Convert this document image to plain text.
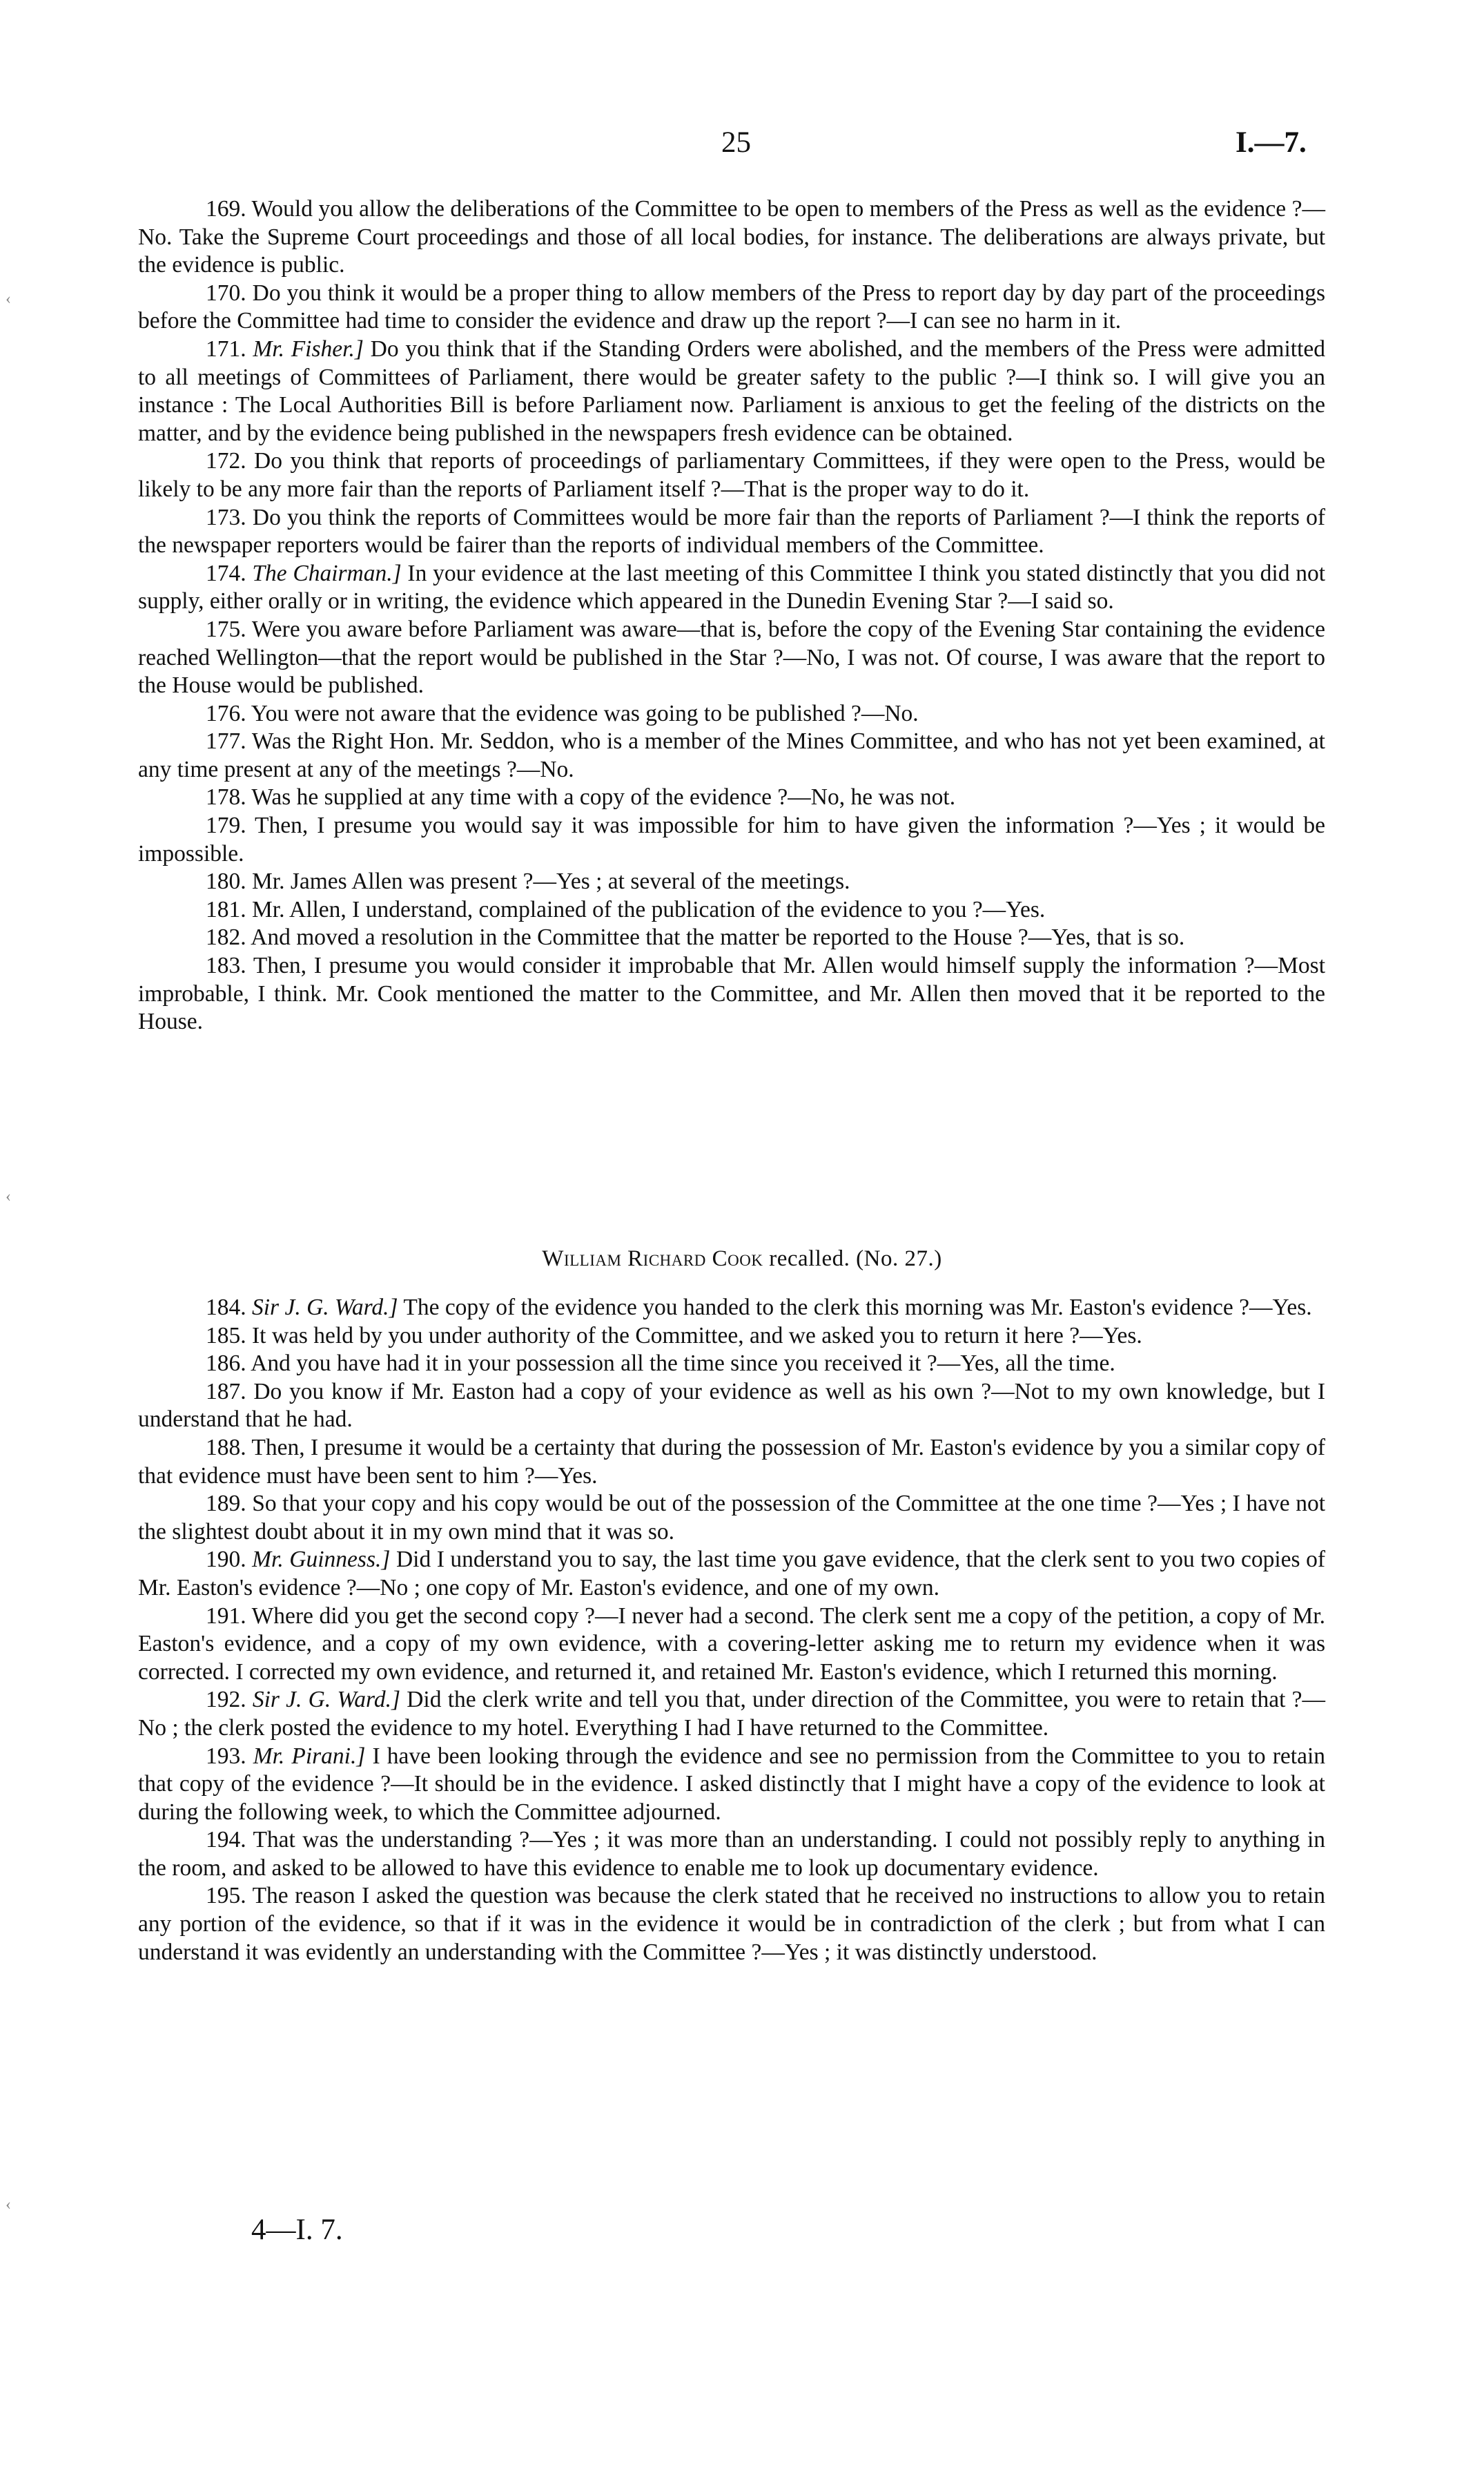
25	I.—7.

169. Would you allow the deliberations of the Committee to be open to members of the Press as well as the evidence ?—No. Take the Supreme Court proceedings and those of all local bodies, for instance. The deliberations are always private, but the evidence is public.

170. Do you think it would be a proper thing to allow members of the Press to report day by day part of the proceedings before the Committee had time to consider the evidence and draw up the report ?—I can see no harm in it.

171. Mr. Fisher.] Do you think that if the Standing Orders were abolished, and the members of the Press were admitted to all meetings of Committees of Parliament, there would be greater safety to the public ?—I think so. I will give you an instance : The Local Authorities Bill is before Parliament now. Parliament is anxious to get the feeling of the districts on the matter, and by the evidence being published in the newspapers fresh evidence can be obtained.

172. Do you think that reports of proceedings of parliamentary Committees, if they were open to the Press, would be likely to be any more fair than the reports of Parliament itself ?—That is the proper way to do it.

173. Do you think the reports of Committees would be more fair than the reports of Parliament ?—I think the reports of the newspaper reporters would be fairer than the reports of individual members of the Committee.

174. The Chairman.] In your evidence at the last meeting of this Committee I think you stated distinctly that you did not supply, either orally or in writing, the evidence which appeared in the Dunedin Evening Star ?—I said so.

175. Were you aware before Parliament was aware—that is, before the copy of the Evening Star containing the evidence reached Wellington—that the report would be published in the Star ?—No, I was not. Of course, I was aware that the report to the House would be published.

176. You were not aware that the evidence was going to be published ?—No.

177. Was the Right Hon. Mr. Seddon, who is a member of the Mines Committee, and who has not yet been examined, at any time present at any of the meetings ?—No.

178. Was he supplied at any time with a copy of the evidence ?—No, he was not.

179. Then, I presume you would say it was impossible for him to have given the information ?—Yes ; it would be impossible.

180. Mr. James Allen was present ?—Yes ; at several of the meetings.

181. Mr. Allen, I understand, complained of the publication of the evidence to you ?—Yes.

182. And moved a resolution in the Committee that the matter be reported to the House ?—Yes, that is so.

183. Then, I presume you would consider it improbable that Mr. Allen would himself supply the information ?—Most improbable, I think. Mr. Cook mentioned the matter to the Committee, and Mr. Allen then moved that it be reported to the House.

William Richard Cook recalled. (No. 27.)

184. Sir J. G. Ward.] The copy of the evidence you handed to the clerk this morning was Mr. Easton's evidence ?—Yes.

185. It was held by you under authority of the Committee, and we asked you to return it here ?—Yes.

186. And you have had it in your possession all the time since you received it ?—Yes, all the time.

187. Do you know if Mr. Easton had a copy of your evidence as well as his own ?—Not to my own knowledge, but I understand that he had.

188. Then, I presume it would be a certainty that during the possession of Mr. Easton's evidence by you a similar copy of that evidence must have been sent to him ?—Yes.

189. So that your copy and his copy would be out of the possession of the Committee at the one time ?—Yes ; I have not the slightest doubt about it in my own mind that it was so.

190. Mr. Guinness.] Did I understand you to say, the last time you gave evidence, that the clerk sent to you two copies of Mr. Easton's evidence ?—No ; one copy of Mr. Easton's evidence, and one of my own.

191. Where did you get the second copy ?—I never had a second. The clerk sent me a copy of the petition, a copy of Mr. Easton's evidence, and a copy of my own evidence, with a covering-letter asking me to return my evidence when it was corrected. I corrected my own evidence, and returned it, and retained Mr. Easton's evidence, which I returned this morning.

192. Sir J. G. Ward.] Did the clerk write and tell you that, under direction of the Committee, you were to retain that ?—No ; the clerk posted the evidence to my hotel. Everything I had I have returned to the Committee.

193. Mr. Pirani.] I have been looking through the evidence and see no permission from the Committee to you to retain that copy of the evidence ?—It should be in the evidence. I asked distinctly that I might have a copy of the evidence to look at during the following week, to which the Committee adjourned.

194. That was the understanding ?—Yes ; it was more than an understanding. I could not possibly reply to anything in the room, and asked to be allowed to have this evidence to enable me to look up documentary evidence.

195. The reason I asked the question was because the clerk stated that he received no instructions to allow you to retain any portion of the evidence, so that if it was in the evidence it would be in contradiction of the clerk ; but from what I can understand it was evidently an understanding with the Committee ?—Yes ; it was distinctly understood.

4—I. 7.
‹
‹
‹
